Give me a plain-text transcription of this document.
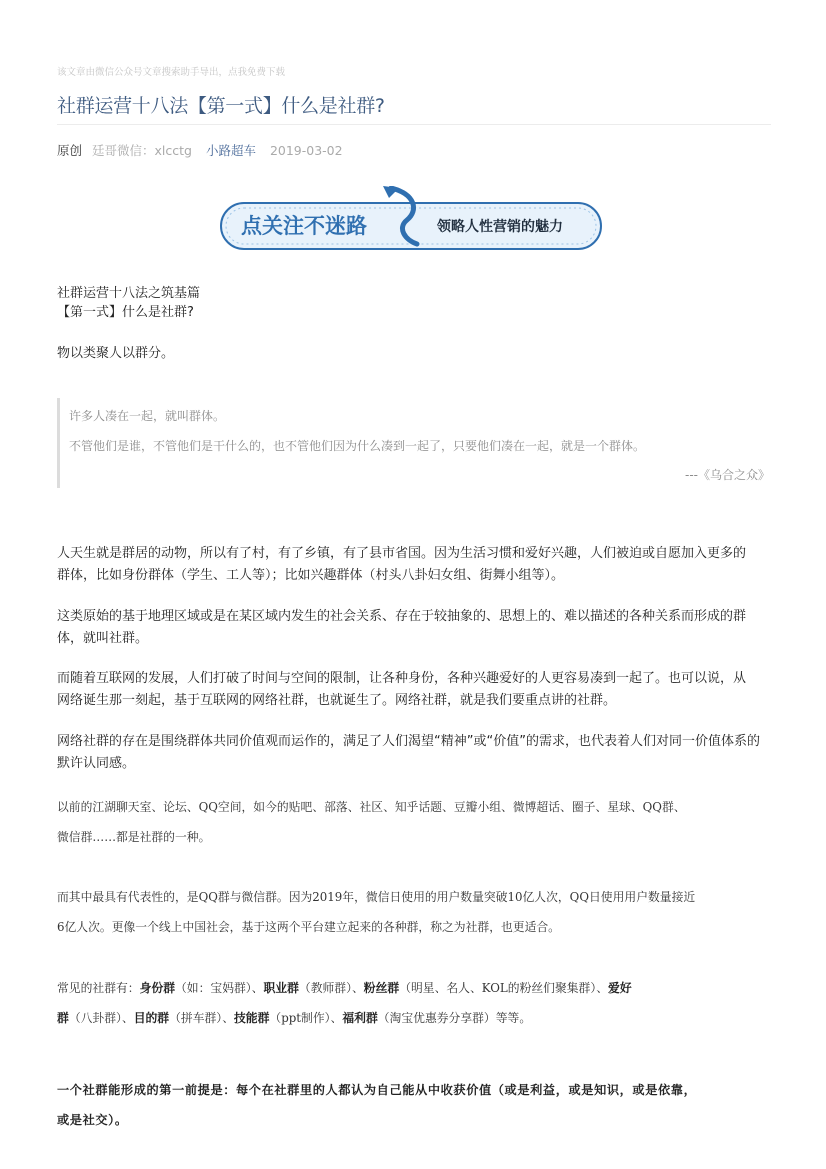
该文章由微信公众号文章搜索助手导出，点我免费下载
社群运营十八法【第一式】什么是社群?
原创 廷哥微信：xlcctg 小路超车 2019-03-02
点关注不迷路	领略人性营销的魅力
社群运营十八法之筑基篇
【第一式】什么是社群?
物以类聚人以群分。
许多人凑在一起，就叫群体。
不管他们是谁，不管他们是干什么的，也不管他们因为什么凑到一起了，只要他们凑在一起，就是一个群体。
---《乌合之众》
人天生就是群居的动物，所以有了村，有了乡镇，有了县市省国。因为生活习惯和爱好兴趣，人们被迫或自愿加入更多的
群体，比如身份群体（学生、工人等）；比如兴趣群体（村头八卦妇女组、街舞小组等）。
这类原始的基于地理区域或是在某区域内发生的社会关系、存在于较抽象的、思想上的、难以描述的各种关系而形成的群
体，就叫社群。
而随着互联网的发展，人们打破了时间与空间的限制，让各种身份，各种兴趣爱好的人更容易凑到一起了。也可以说，从
网络诞生那一刻起，基于互联网的网络社群，也就诞生了。网络社群，就是我们要重点讲的社群。
网络社群的存在是围绕群体共同价值观而运作的，满足了人们渴望“精神”或“价值”的需求，也代表着人们对同一价值体系的
默许认同感。
以前的江湖聊天室、论坛、QQ空间，如今的贴吧、部落、社区、知乎话题、豆瓣小组、微博超话、圈子、星球、QQ群、
微信群……都是社群的一种。
而其中最具有代表性的，是QQ群与微信群。因为2019年，微信日使用的用户数量突破10亿人次，QQ日使用用户数量接近
6亿人次。更像一个线上中国社会，基于这两个平台建立起来的各种群，称之为社群，也更适合。
常见的社群有：身份群（如：宝妈群）、职业群（教师群）、粉丝群（明星、名人、KOL的粉丝们聚集群）、爱好
群（八卦群）、目的群（拼车群）、技能群（ppt制作）、福利群（淘宝优惠券分享群）等等。
一个社群能形成的第一前提是：每个在社群里的人都认为自己能从中收获价值（或是利益，或是知识，或是依靠，
或是社交）。
